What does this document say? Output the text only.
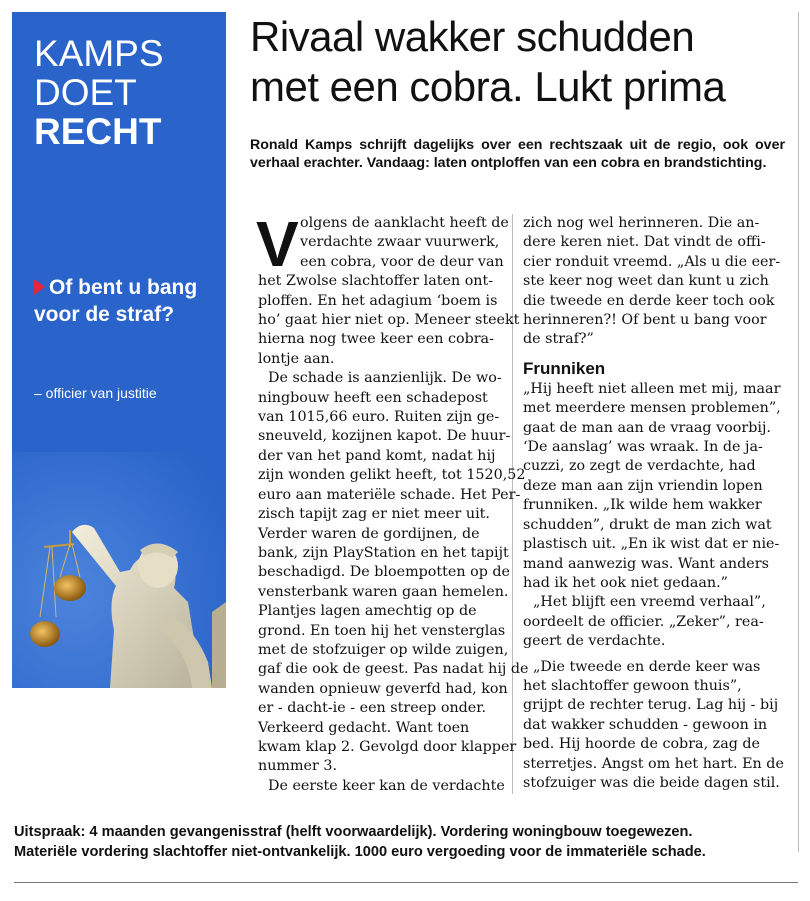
KAMPS
DOET
RECHT
Of bent u bang voor de straf?
– officier van justitie
Rivaal wakker schudden
met een cobra. Lukt prima
Ronald Kamps schrijft dagelijks over een rechtszaak uit de regio, ook over verhaal erachter. Vandaag: laten ontploffen van een cobra en brandstichting.
V olgens de aanklacht heeft de
verdachte zwaar vuurwerk,
een cobra, voor de deur van
het Zwolse slachtoffer laten ont-
ploffen. En het adagium ‘boem is
ho’ gaat hier niet op. Meneer steekt
hierna nog twee keer een cobra-
lontje aan.
De schade is aanzienlijk. De wo-
ningbouw heeft een schadepost
van 1015,66 euro. Ruiten zijn ge-
sneuveld, kozijnen kapot. De huur-
der van het pand komt, nadat hij
zijn wonden gelikt heeft, tot 1520,52
euro aan materiële schade. Het Per-
zisch tapijt zag er niet meer uit.
Verder waren de gordijnen, de
bank, zijn PlayStation en het tapijt
beschadigd. De bloempotten op de
vensterbank waren gaan hemelen.
Plantjes lagen amechtig op de
grond. En toen hij het vensterglas
met de stofzuiger op wilde zuigen,
gaf die ook de geest. Pas nadat hij de
wanden opnieuw geverfd had, kon
er - dacht-ie - een streep onder.
Verkeerd gedacht. Want toen
kwam klap 2. Gevolgd door klapper
nummer 3.
De eerste keer kan de verdachte
zich nog wel herinneren. Die an-
dere keren niet. Dat vindt de offi-
cier ronduit vreemd. „Als u die eer-
ste keer nog weet dan kunt u zich
die tweede en derde keer toch ook
herinneren?! Of bent u bang voor
de straf?”
Frunniken
„Hij heeft niet alleen met mij, maar
met meerdere mensen problemen”,
gaat de man aan de vraag voorbij.
‘De aanslag’ was wraak. In de ja-
cuzzi, zo zegt de verdachte, had
deze man aan zijn vriendin lopen
frunniken. „Ik wilde hem wakker
schudden”, drukt de man zich wat
plastisch uit. „En ik wist dat er nie-
mand aanwezig was. Want anders
had ik het ook niet gedaan.”
„Het blijft een vreemd verhaal”,
oordeelt de officier. „Zeker”, rea-
geert de verdachte.
„Die tweede en derde keer was
het slachtoffer gewoon thuis”,
grijpt de rechter terug. Lag hij - bij
dat wakker schudden - gewoon in
bed. Hij hoorde de cobra, zag de
sterretjes. Angst om het hart. En de
stofzuiger was die beide dagen stil.
Uitspraak: 4 maanden gevangenisstraf (helft voorwaardelijk). Vordering woningbouw toegewezen.
Materiële vordering slachtoffer niet-ontvankelijk. 1000 euro vergoeding voor de immateriële schade.
